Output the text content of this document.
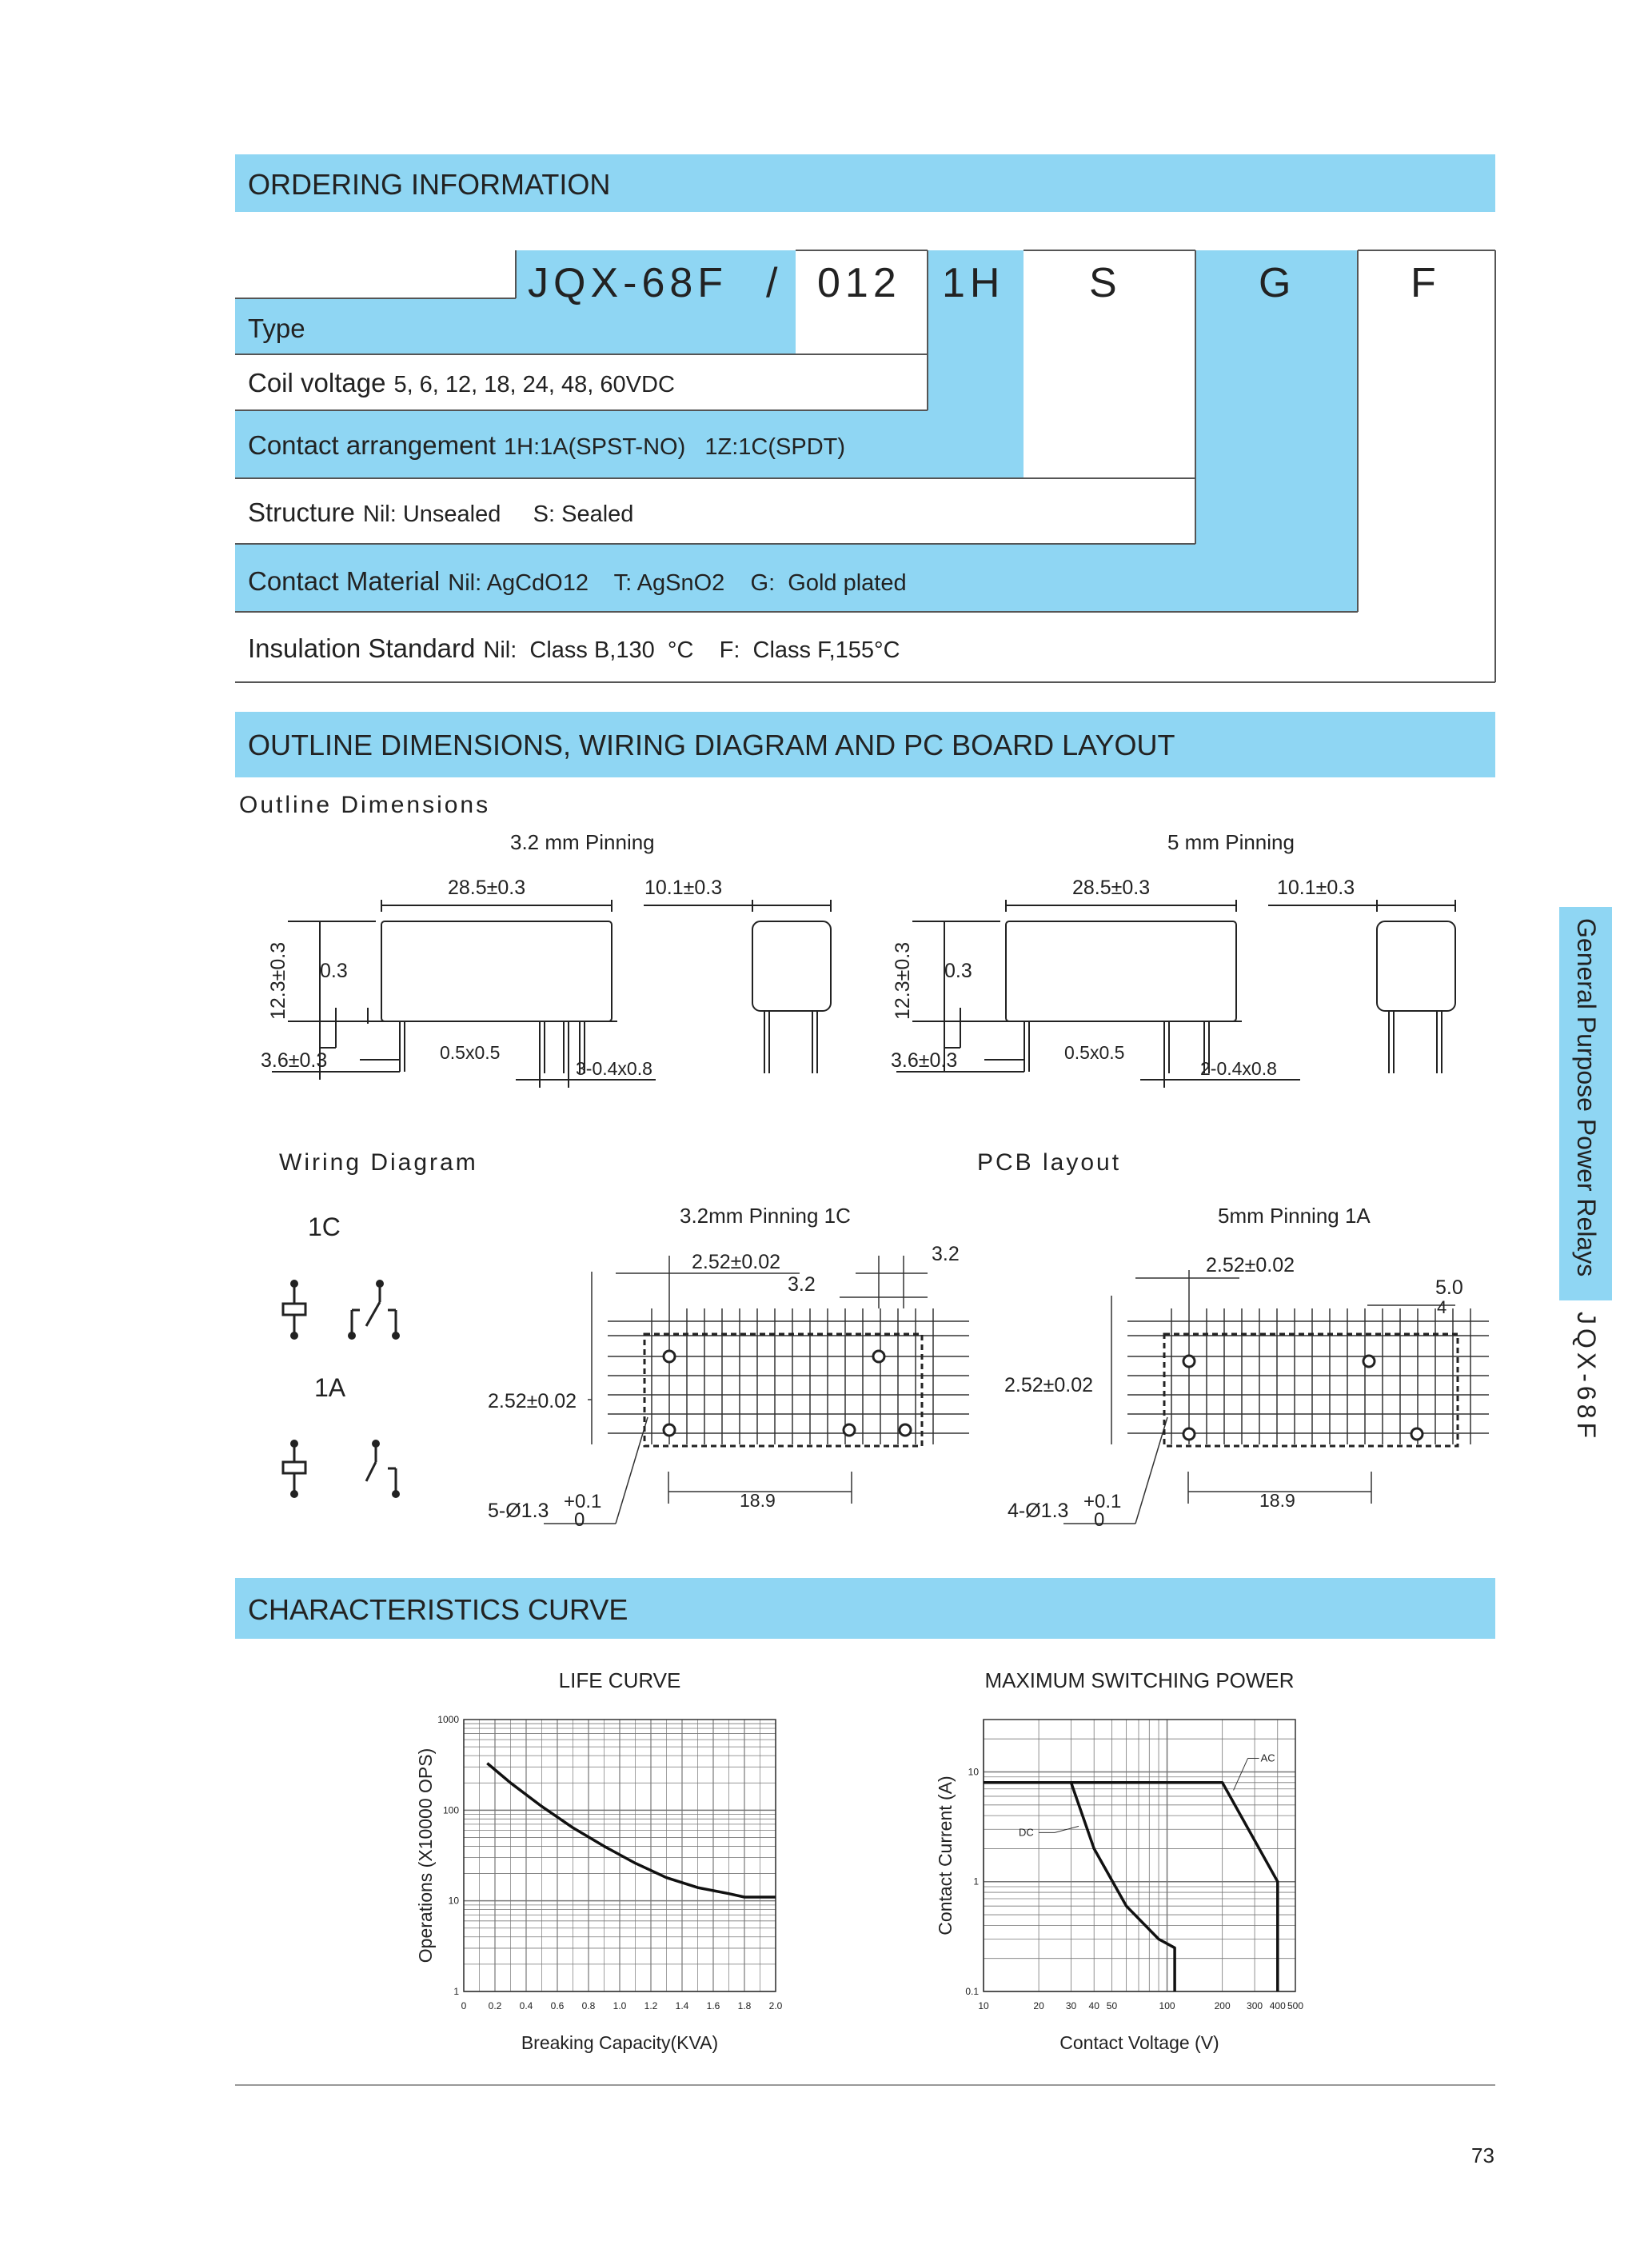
ORDERING INFORMATION
JQX-68F / 012 1H S	G	F
Type
Coil voltage 5, 6, 12, 18, 24, 48, 60VDC
Contact arrangement 1H:1A(SPST-NO)   1Z:1C(SPDT)
Structure Nil: Unsealed     S: Sealed
Contact Material Nil: AgCdO12    T: AgSnO2    G:  Gold plated
Insulation Standard Nil:  Class B,130  °C    F:  Class F,155°C
OUTLINE DIMENSIONS, WIRING DIAGRAM AND PC BOARD LAYOUT
Outline Dimensions
3.2 mm Pinning	5 mm Pinning
28.5±0.3	10.1±0.3
0.3
3.6±0.3	0.5x0.5
3-0.4x0.8
12.3±0.3
28.5±0.3	10.1±0.3
0.3
3.6±0.3	0.5x0.5
2-0.4x0.8
12.3±0.3
Wiring Diagram
1C
1A
PCB layout
3.2mm Pinning 1C	5mm Pinning 1A
2.52±0.02	3.2
3.2
2.52±0.02
5-Ø1.3 +0.1
0
18.9
2.52±0.02
5.0
4
2.52±0.02
4-Ø1.3 +0.1
0
18.9
CHARACTERISTICS CURVE
LIFE CURVE
0 0.2 0.4 0.6 0.8 1.0 1.2 1.4 1.6 1.8 2.0
1
10
100
1000
Breaking Capacity(KVA)
Operations (X10000 OPS)
MAXIMUM SWITCHING POWER
10	20 30 40 50	100	200 300 400 500
0.1
1
10
Contact Voltage (V)
Contact Current (A)
AC
DC
73
General Purpose Power Relays
JQX-68F
